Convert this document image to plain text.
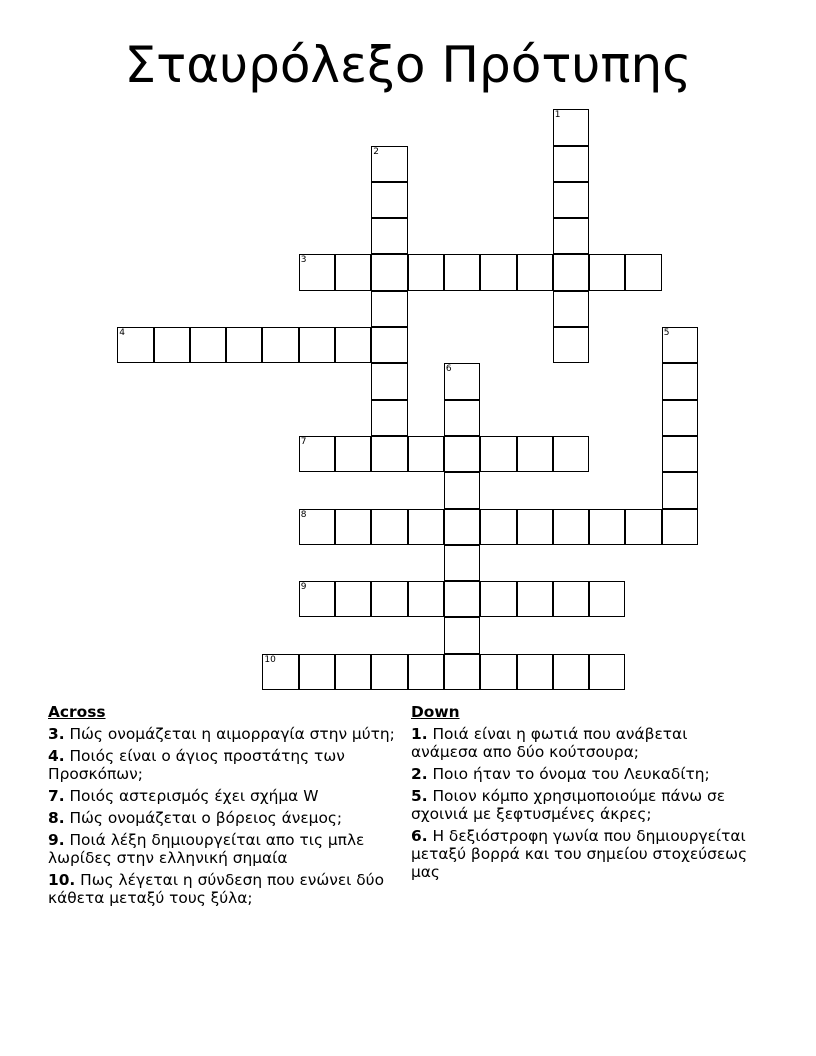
Σταυρόλεξο Πρότυπης
1
2
3
4	5
6
7
8
9
10
Across
3. Πώς ονομάζεται η αιμορραγία στην μύτη;
4. Ποιός είναι ο άγιος προστάτης των Προσκόπων;
7. Ποιός αστερισμός έχει σχήμα W
8. Πώς ονομάζεται ο βόρειος άνεμος;
9. Ποιά λέξη δημιουργείται απο τις μπλε λωρίδες στην ελληνική σημαία
10. Πως λέγεται η σύνδεση που ενώνει δύο κάθετα μεταξύ τους ξύλα;
Down
1. Ποιά είναι η φωτιά που ανάβεται ανάμεσα απο δύο κούτσουρα;
2. Ποιο ήταν το όνομα του Λευκαδίτη;
5. Ποιον κόμπο χρησιμοποιούμε πάνω σε σχοινιά με ξεφτυσμένες άκρες;
6. Η δεξιόστροφη γωνία που δημιουργείται μεταξύ βορρά και του σημείου στοχεύσεως μας
